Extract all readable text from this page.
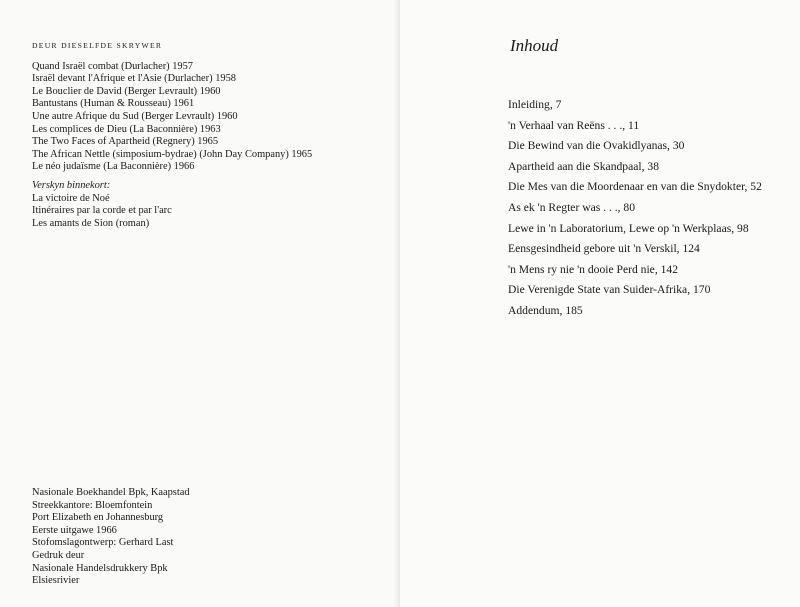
DEUR DIESELFDE SKRYWER
Quand Israël combat (Durlacher) 1957
Israël devant l'Afrique et l'Asie (Durlacher) 1958
Le Bouclier de David (Berger Levrault) 1960
Bantustans (Human & Rousseau) 1961
Une autre Afrique du Sud (Berger Levrault) 1960
Les complices de Dieu (La Baconnière) 1963
The Two Faces of Apartheid (Regnery) 1965
The African Nettle (simposium-bydrae) (John Day Company) 1965
Le néo judaïsme (La Baconnière) 1966
Verskyn binnekort:
La victoire de Noé
Itinéraires par la corde et par l'arc
Les amants de Sion (roman)
Nasionale Boekhandel Bpk, Kaapstad
Streekkantore: Bloemfontein
Port Elizabeth en Johannesburg
Eerste uitgawe 1966
Stofomslagontwerp: Gerhard Last
Gedruk deur
Nasionale Handelsdrukkery Bpk
Elsiesrivier
Inhoud
Inleiding, 7
'n Verhaal van Reëns . . ., 11
Die Bewind van die Ovakidlyanas, 30
Apartheid aan die Skandpaal, 38
Die Mes van die Moordenaar en van die Snydokter, 52
As ek 'n Regter was . . ., 80
Lewe in 'n Laboratorium, Lewe op 'n Werkplaas, 98
Eensgesindheid gebore uit 'n Verskil, 124
'n Mens ry nie 'n dooie Perd nie, 142
Die Verenigde State van Suider-Afrika, 170
Addendum, 185
